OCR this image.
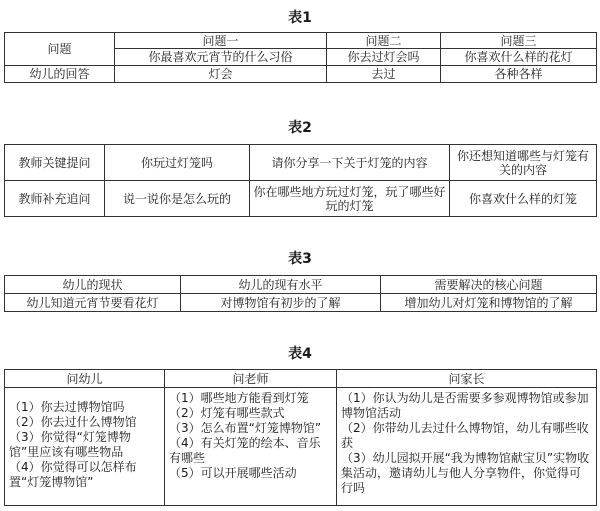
表1
问题	问题一	问题二	问题三
	你最喜欢元宵节的什么习俗	你去过灯会吗	你喜欢什么样的花灯
幼儿的回答	灯会	去过	各种各样
表2
教师关键提问	你玩过灯笼吗	请你分享一下关于灯笼的内容	你还想知道哪些与灯笼有关的内容
教师补充追问	说一说你是怎么玩的	你在哪些地方玩过灯笼，玩了哪些好玩的灯笼	你喜欢什么样的灯笼
表3
幼儿的现状	幼儿的现有水平	需要解决的核心问题
幼儿知道元宵节要看花灯	对博物馆有初步的了解	增加幼儿对灯笼和博物馆的了解
表4
问幼儿	问老师	问家长

（1）你去过博物馆吗
（2）你去过什么博物馆
（3）你觉得“灯笼博物馆”里应该有哪些物品
（4）你觉得可以怎样布置“灯笼博物馆”	（1）哪些地方能看到灯笼
（2）灯笼有哪些款式
（3）怎么布置“灯笼博物馆”
（4）有关灯笼的绘本、音乐有哪些
（5）可以开展哪些活动	（1）你认为幼儿是否需要多参观博物馆或参加博物馆活动
（2）你带幼儿去过什么博物馆，幼儿有哪些收获
（3）幼儿园拟开展“我为博物馆献宝贝”实物收集活动，邀请幼儿与他人分享物件，你觉得可行吗
